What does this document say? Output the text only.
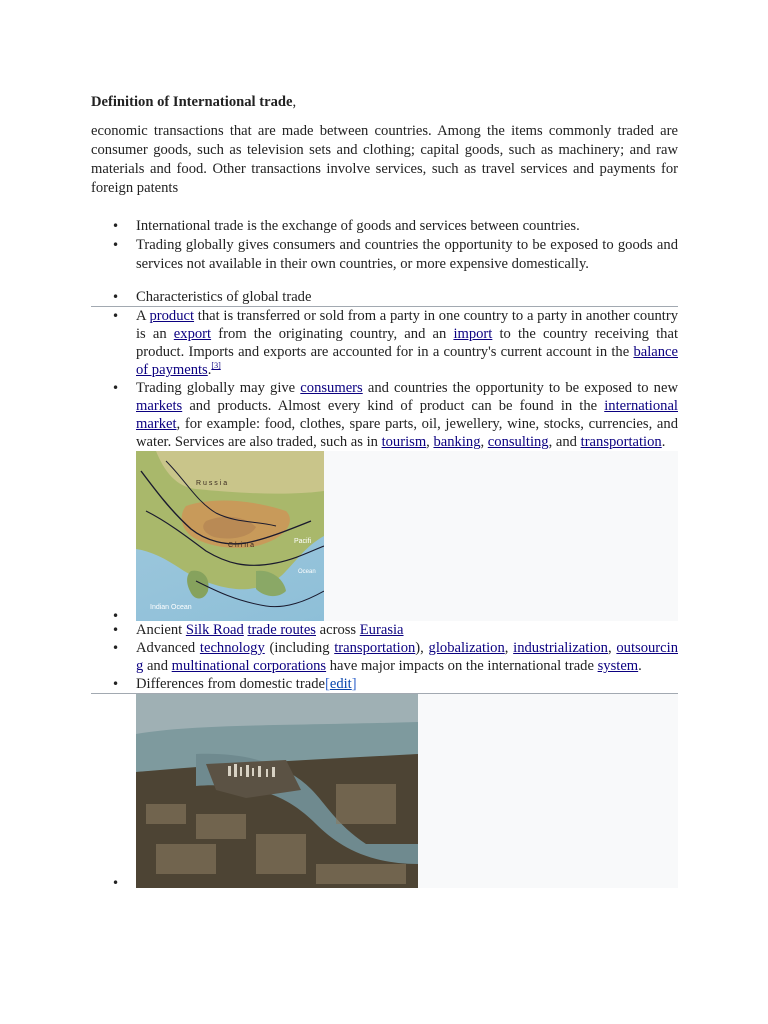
Definition of International trade,

economic transactions that are made between countries. Among the items commonly traded are consumer goods, such as television sets and clothing; capital goods, such as machinery; and raw materials and food. Other transactions involve services, such as travel services and payments for foreign patents

• International trade is the exchange of goods and services between countries.
• Trading globally gives consumers and countries the opportunity to be exposed to goods and services not available in their own countries, or more expensive domestically.
• Characteristics of global trade
• A product that is transferred or sold from a party in one country to a party in another country is an export from the originating country, and an import to the country receiving that product. Imports and exports are accounted for in a country's current account in the balance of payments.[3]
• Trading globally may give consumers and countries the opportunity to be exposed to new markets and products. Almost every kind of product can be found in the international market, for example: food, clothes, spare parts, oil, jewellery, wine, stocks, currencies, and water. Services are also traded, such as in tourism, banking, consulting, and transportation.
• R u s s i a
C h i n a
Pacifi
Ocean
Indian Ocean
• Ancient Silk Road trade routes across Eurasia
• Advanced technology (including transportation), globalization, industrialization, outsourcing and multinational corporations have major impacts on the international trade system.
• Differences from domestic trade[edit]
•
